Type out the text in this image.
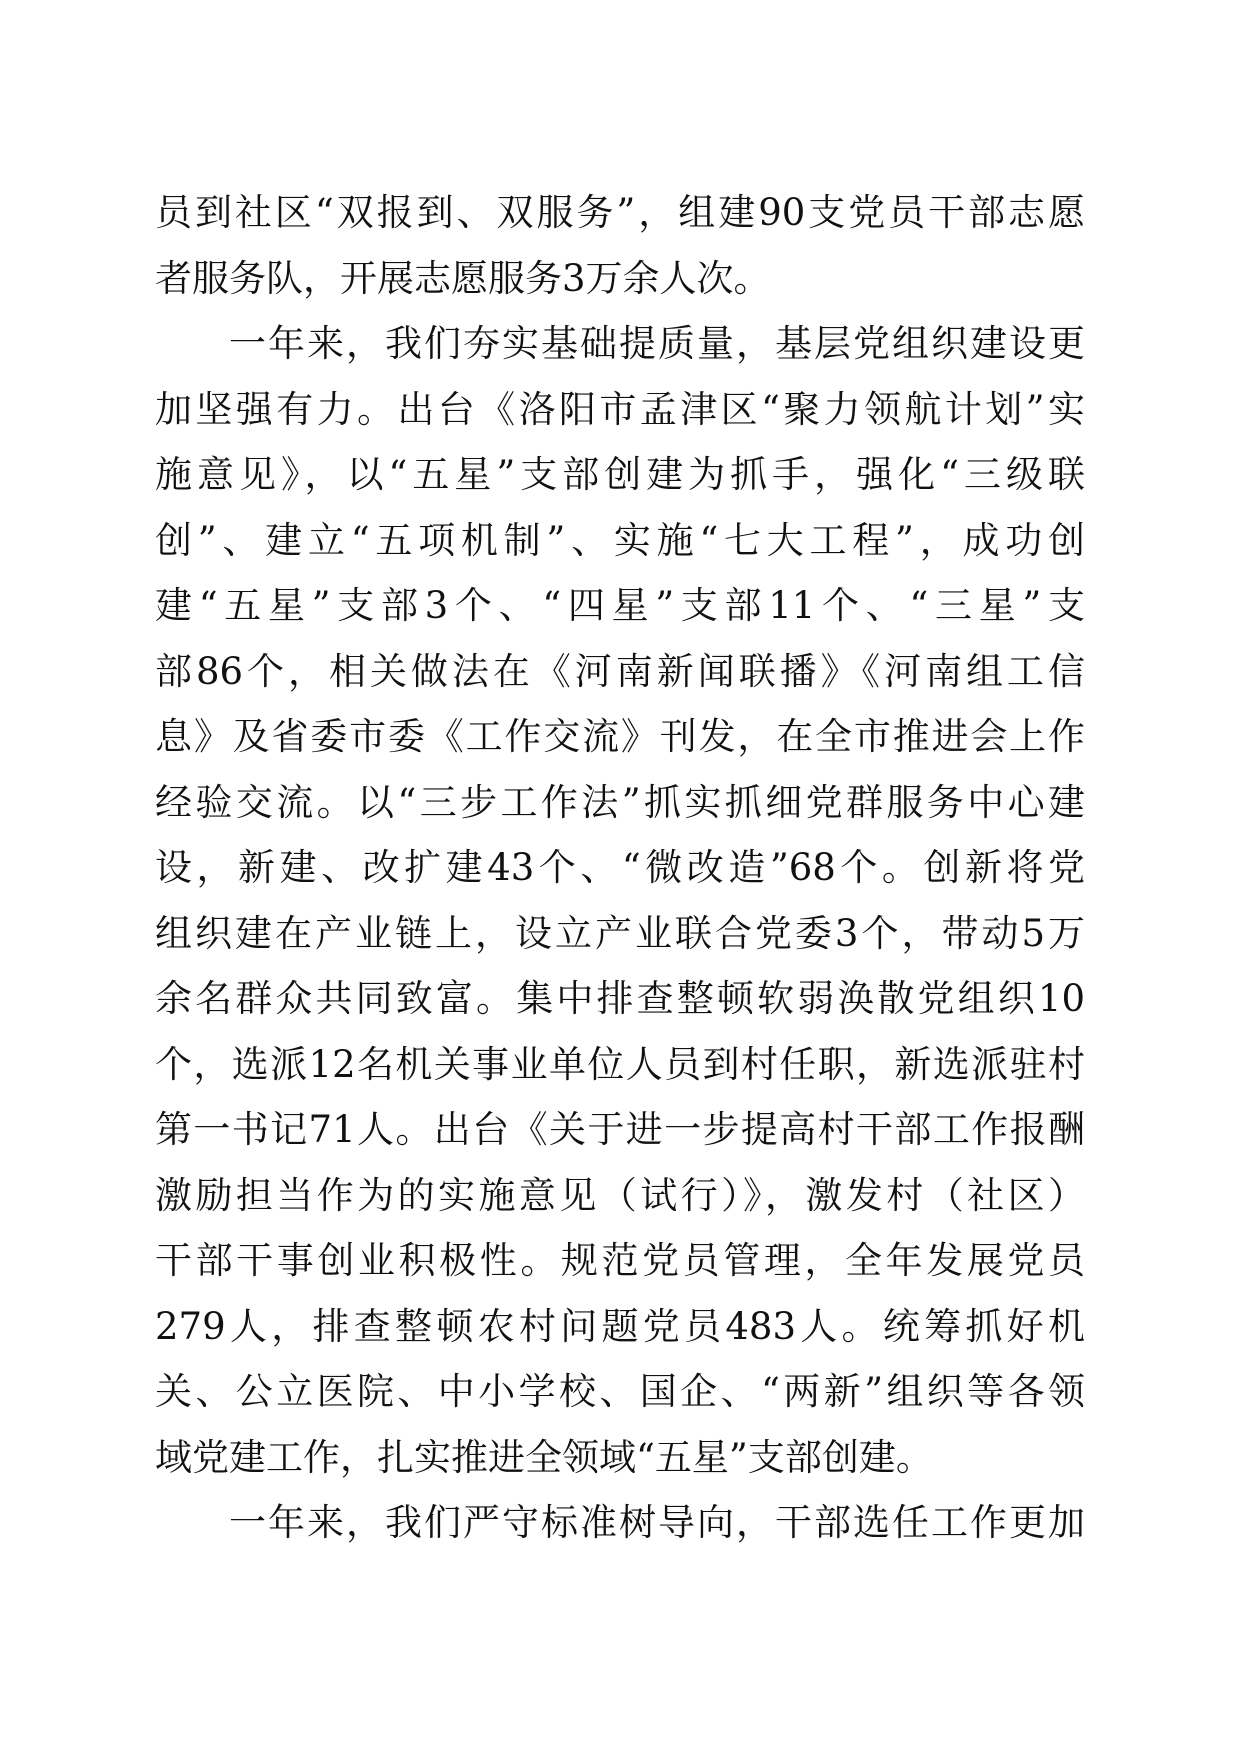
员到社区“双报到、双服务”，组建90支党员干部志愿
者服务队，开展志愿服务3万余人次。
一年来，我们夯实基础提质量，基层党组织建设更
加坚强有力。出台《洛阳市孟津区“聚力领航计划”实
施意见》，以“五星”支部创建为抓手，强化“三级联
创”、建立“五项机制”、实施“七大工程”，成功创
建“五星”支部3个、“四星”支部11个、“三星”支
部86个，相关做法在《河南新闻联播》《河南组工信
息》及省委市委《工作交流》刊发，在全市推进会上作
经验交流。以“三步工作法”抓实抓细党群服务中心建
设，新建、改扩建43个、“微改造”68个。创新将党
组织建在产业链上，设立产业联合党委3个，带动5万
余名群众共同致富。集中排查整顿软弱涣散党组织10
个，选派12名机关事业单位人员到村任职，新选派驻村
第一书记71人。出台《关于进一步提高村干部工作报酬
激励担当作为的实施意见（试行）》，激发村（社区）
干部干事创业积极性。规范党员管理，全年发展党员
279人，排查整顿农村问题党员483人。统筹抓好机
关、公立医院、中小学校、国企、“两新”组织等各领
域党建工作，扎实推进全领域“五星”支部创建。
一年来，我们严守标准树导向，干部选任工作更加
